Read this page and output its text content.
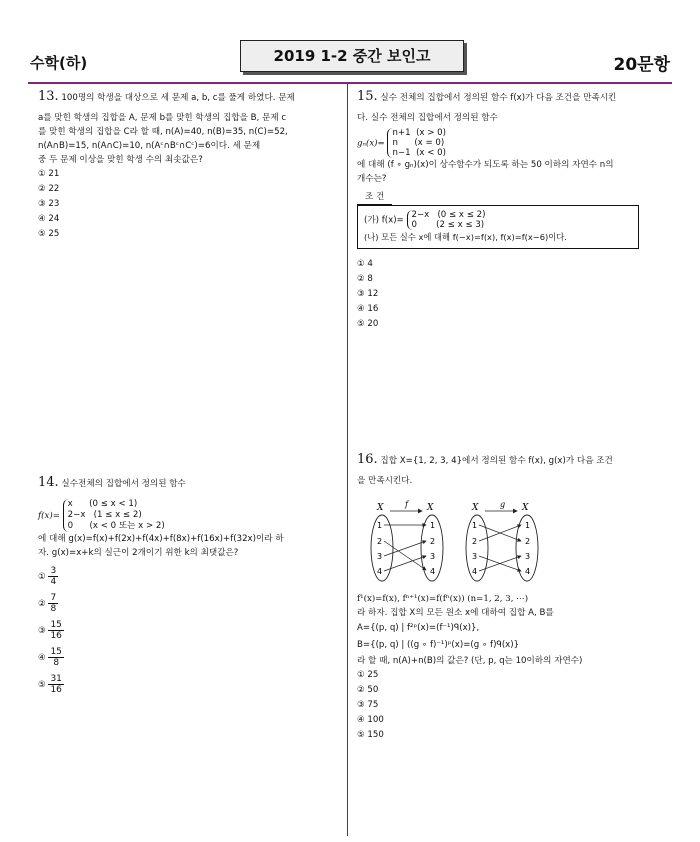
수학(하)	2019 1-2 중간 보인고	20문항
13. 100명의 학생을 대상으로 세 문제 a, b, c를 풀게 하였다. 문제
a를 맞힌 학생의 집합을 A, 문제 b를 맞힌 학생의 집합을 B, 문제 c
를 맞힌 학생의 집합을 C라 할 때, n(A)=40, n(B)=35, n(C)=52,
n(A∩B)=15, n(A∩C)=10, n(Aᶜ∩Bᶜ∩Cᶜ)=6이다. 세 문제
중 두 문제 이상을 맞힌 학생 수의 최솟값은?
① 21
② 22
③ 23
④ 24
⑤ 25
14. 실수전체의 집합에서 정의된 함수
f(x)=
x      (0 ≤ x < 1)
2−x   (1 ≤ x ≤ 2)
0      (x < 0 또는 x > 2)
에 대해 g(x)=f(x)+f(2x)+f(4x)+f(8x)+f(16x)+f(32x)이라 하
자. g(x)=x+k의 실근이 2개이기 위한 k의 최댓값은?
① $\frac{3}{4}$
② $\frac{7}{8}$
③ $\frac{15}{16}$
④ $\frac{15}{8}$
⑤ $\frac{31}{16}$
15. 실수 전체의 집합에서 정의된 함수 f(x)가 다음 조건을 만족시킨
다. 실수 전체의 집합에서 정의된 함수
gₙ(x)=
n+1  (x > 0)
n      (x = 0)
n−1  (x < 0)
에 대해 (f ∘ gₙ)(x)이 상수함수가 되도록 하는 50 이하의 자연수 n의
개수는?
조 건
(가) f(x)=
2−x   (0 ≤ x ≤ 2)
0       (2 ≤ x ≤ 3)
(나) 모든 실수 x에 대해 f(−x)=f(x), f(x)=f(x−6)이다.
① 4
② 8
③ 12
④ 16
⑤ 20
16. 집합 X={1, 2, 3, 4}에서 정의된 함수 f(x), g(x)가 다음 조건
을 만족시킨다.
X	X
f
1
2
3
4
1
2
3
4
X	X
g
1
2
3
4
1
2
3
4
f¹(x)=f(x), fⁿ⁺¹(x)=f(fⁿ(x)) (n=1, 2, 3, ⋯)
라 하자. 집합 X의 모든 원소 x에 대하여 집합 A, B를
A={(p, q) | f²ᵖ(x)=(f⁻¹)ᑫ(x)},
B={(p, q) | ((g ∘ f)⁻¹)ᵖ(x)=(g ∘ f)ᑫ(x)}
라 할 때, n(A)+n(B)의 값은? (단, p, q는 10이하의 자연수)
① 25
② 50
③ 75
④ 100
⑤ 150
